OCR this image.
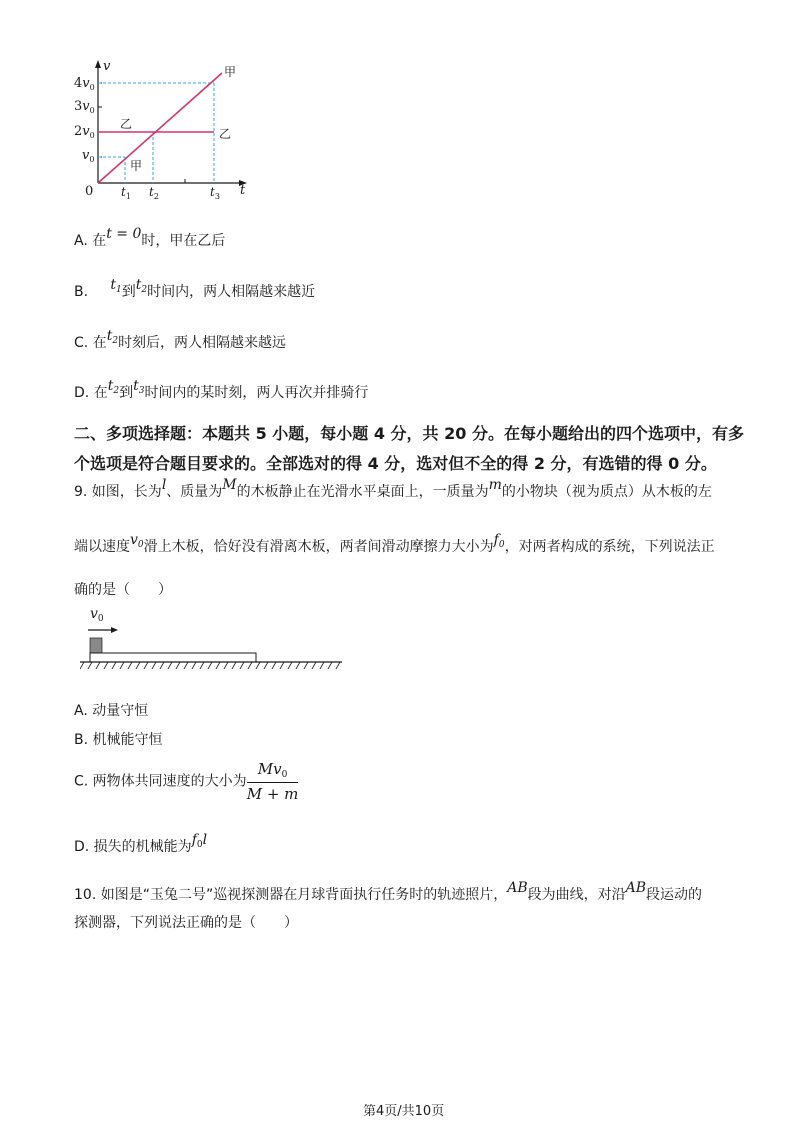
v
t
0
$4v_0$
$3v_0$
$2v_0$
$v_0$
甲
甲
乙
乙
$t_1$ $t_2$	$t_3$
A. 在t = 0时，甲在乙后
B. $t_1$到$t_2$时间内，两人相隔越来越近
C. 在$t_2$时刻后，两人相隔越来越远
D. 在$t_2$到$t_3$时间内的某时刻，两人再次并排骑行
二、多项选择题：本题共 5 小题，每小题 4 分，共 20 分。在每小题给出的四个选项中，有多
个选项是符合题目要求的。全部选对的得 4 分，选对但不全的得 2 分，有选错的得 0 分。
9. 如图，长为l、质量为M的木板静止在光滑水平桌面上，一质量为m的小物块（视为质点）从木板的左
端以速度$v_0$滑上木板，恰好没有滑离木板，两者间滑动摩擦力大小为$f_0$，对两者构成的系统，下列说法正
确的是（　　）
$v_0$
A. 动量守恒
B. 机械能守恒
C. 两物体共同速度的大小为 $\frac{Mv_0}{M + m}$
D. 损失的机械能为$f_0l$
10. 如图是“玉兔二号”巡视探测器在月球背面执行任务时的轨迹照片，AB段为曲线，对沿AB段运动的
探测器，下列说法正确的是（　　）
第4页/共10页
